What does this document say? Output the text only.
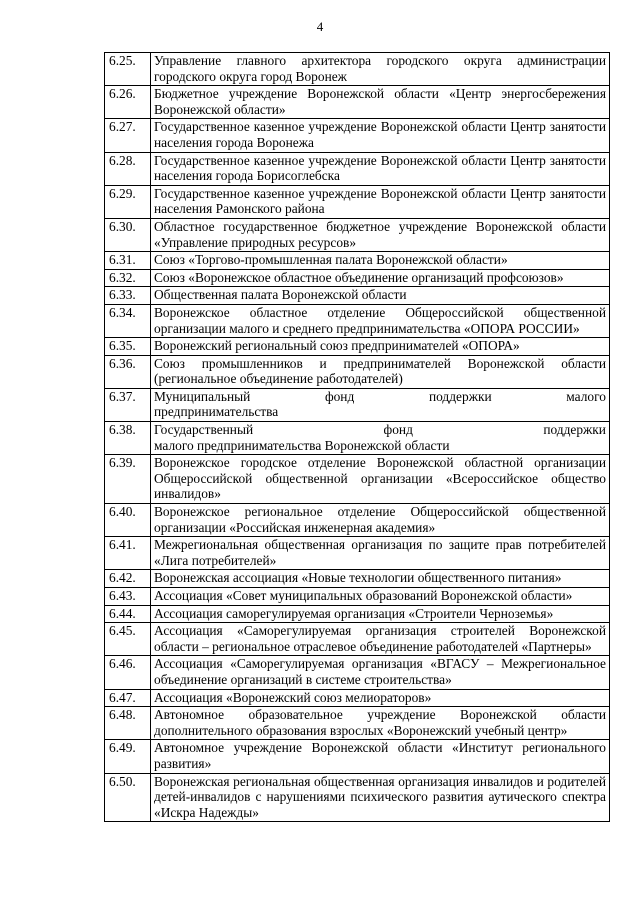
4
6.25.	Управление главного архитектора городского округа администрации городского округа город Воронеж
6.26.	Бюджетное учреждение Воронежской области «Центр энергосбережения Воронежской области»
6.27.	Государственное казенное учреждение Воронежской области Центр занятости населения города Воронежа
6.28.	Государственное казенное учреждение Воронежской области Центр занятости населения города Борисоглебска
6.29.	Государственное казенное учреждение Воронежской области Центр занятости населения Рамонского района
6.30.	Областное государственное бюджетное учреждение Воронежской области «Управление природных ресурсов»
6.31.	Союз «Торгово-промышленная палата Воронежской области»
6.32.	Союз «Воронежское областное объединение организаций профсоюзов»
6.33.	Общественная палата Воронежской области
6.34.	Воронежское областное отделение Общероссийской общественной организации малого и среднего предпринимательства «ОПОРА РОССИИ»
6.35.	Воронежский региональный союз предпринимателей «ОПОРА»
6.36.	Союз промышленников и предпринимателей Воронежской области (региональное объединение работодателей)
6.37.	Муниципальный фонд поддержки малого
предпринимательства

6.38.	Государственный фонд поддержки
малого предпринимательства Воронежской области

6.39.	Воронежское городское отделение Воронежской областной организации Общероссийской общественной организации «Всероссийское общество инвалидов»
6.40.	Воронежское региональное отделение Общероссийской общественной организации «Российская инженерная академия»
6.41.	Межрегиональная общественная организация по защите прав потребителей «Лига потребителей»
6.42.	Воронежская ассоциация «Новые технологии общественного питания»
6.43.	Ассоциация «Совет муниципальных образований Воронежской области»
6.44.	Ассоциация саморегулируемая организация «Строители Черноземья»
6.45.	Ассоциация «Саморегулируемая организация строителей Воронежской области – региональное отраслевое объединение работодателей «Партнеры»
6.46.	Ассоциация «Саморегулируемая организация «ВГАСУ – Межрегиональное объединение организаций в системе строительства»
6.47.	Ассоциация «Воронежский союз мелиораторов»
6.48.	Автономное образовательное учреждение Воронежской области дополнительного образования взрослых «Воронежский учебный центр»
6.49.	Автономное учреждение Воронежской области «Институт регионального развития»
6.50.	Воронежская региональная общественная организация инвалидов и родителей детей-инвалидов с нарушениями психического развития аутического спектра «Искра Надежды»
